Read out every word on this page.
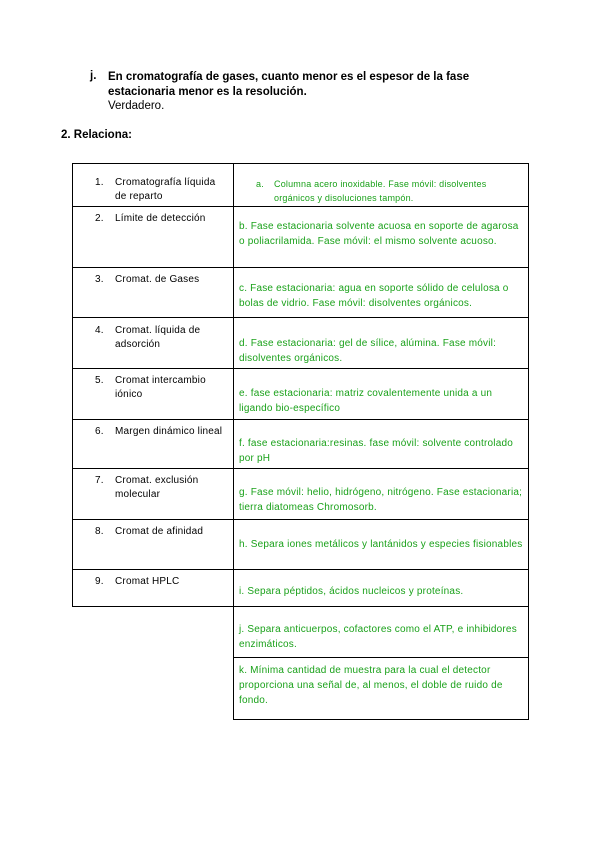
j. En cromatografía de gases, cuanto menor es el espesor de la fase estacionaria menor es la resolución.
Verdadero.
2. Relaciona:
1. Cromatografía líquida de reparto	a. Columna acero inoxidable. Fase móvil: disolventes orgánicos y disoluciones tampón.

2. Límite de detección	b. Fase estacionaria solvente acuosa en soporte de agarosa o poliacrilamida. Fase móvil: el mismo solvente acuoso.

3. Cromat. de Gases	c. Fase estacionaria: agua en soporte sólido de celulosa o bolas de vidrio. Fase móvil: disolventes orgánicos.

4. Cromat. líquida de adsorción	d. Fase estacionaria: gel de sílice, alúmina. Fase móvil: disolventes orgánicos.

5. Cromat intercambio iónico	e. fase estacionaria: matriz covalentemente unida a un ligando bio-específico

6. Margen dinámico lineal	f. fase estacionaria:resinas. fase móvil: solvente controlado por pH

7. Cromat. exclusión molecular	g. Fase móvil: helio, hidrógeno, nitrógeno. Fase estacionaria; tierra diatomeas Chromosorb.

8. Cromat de afinidad	h. Separa iones metálicos y lantánidos y especies fisionables

9. Cromat HPLC	i. Separa péptidos, ácidos nucleicos y proteínas.

	j. Separa anticuerpos, cofactores como el ATP, e inhibidores enzimáticos.

	k. Mínima cantidad de muestra para la cual el detector proporciona una señal de, al menos, el doble de ruido de fondo.
